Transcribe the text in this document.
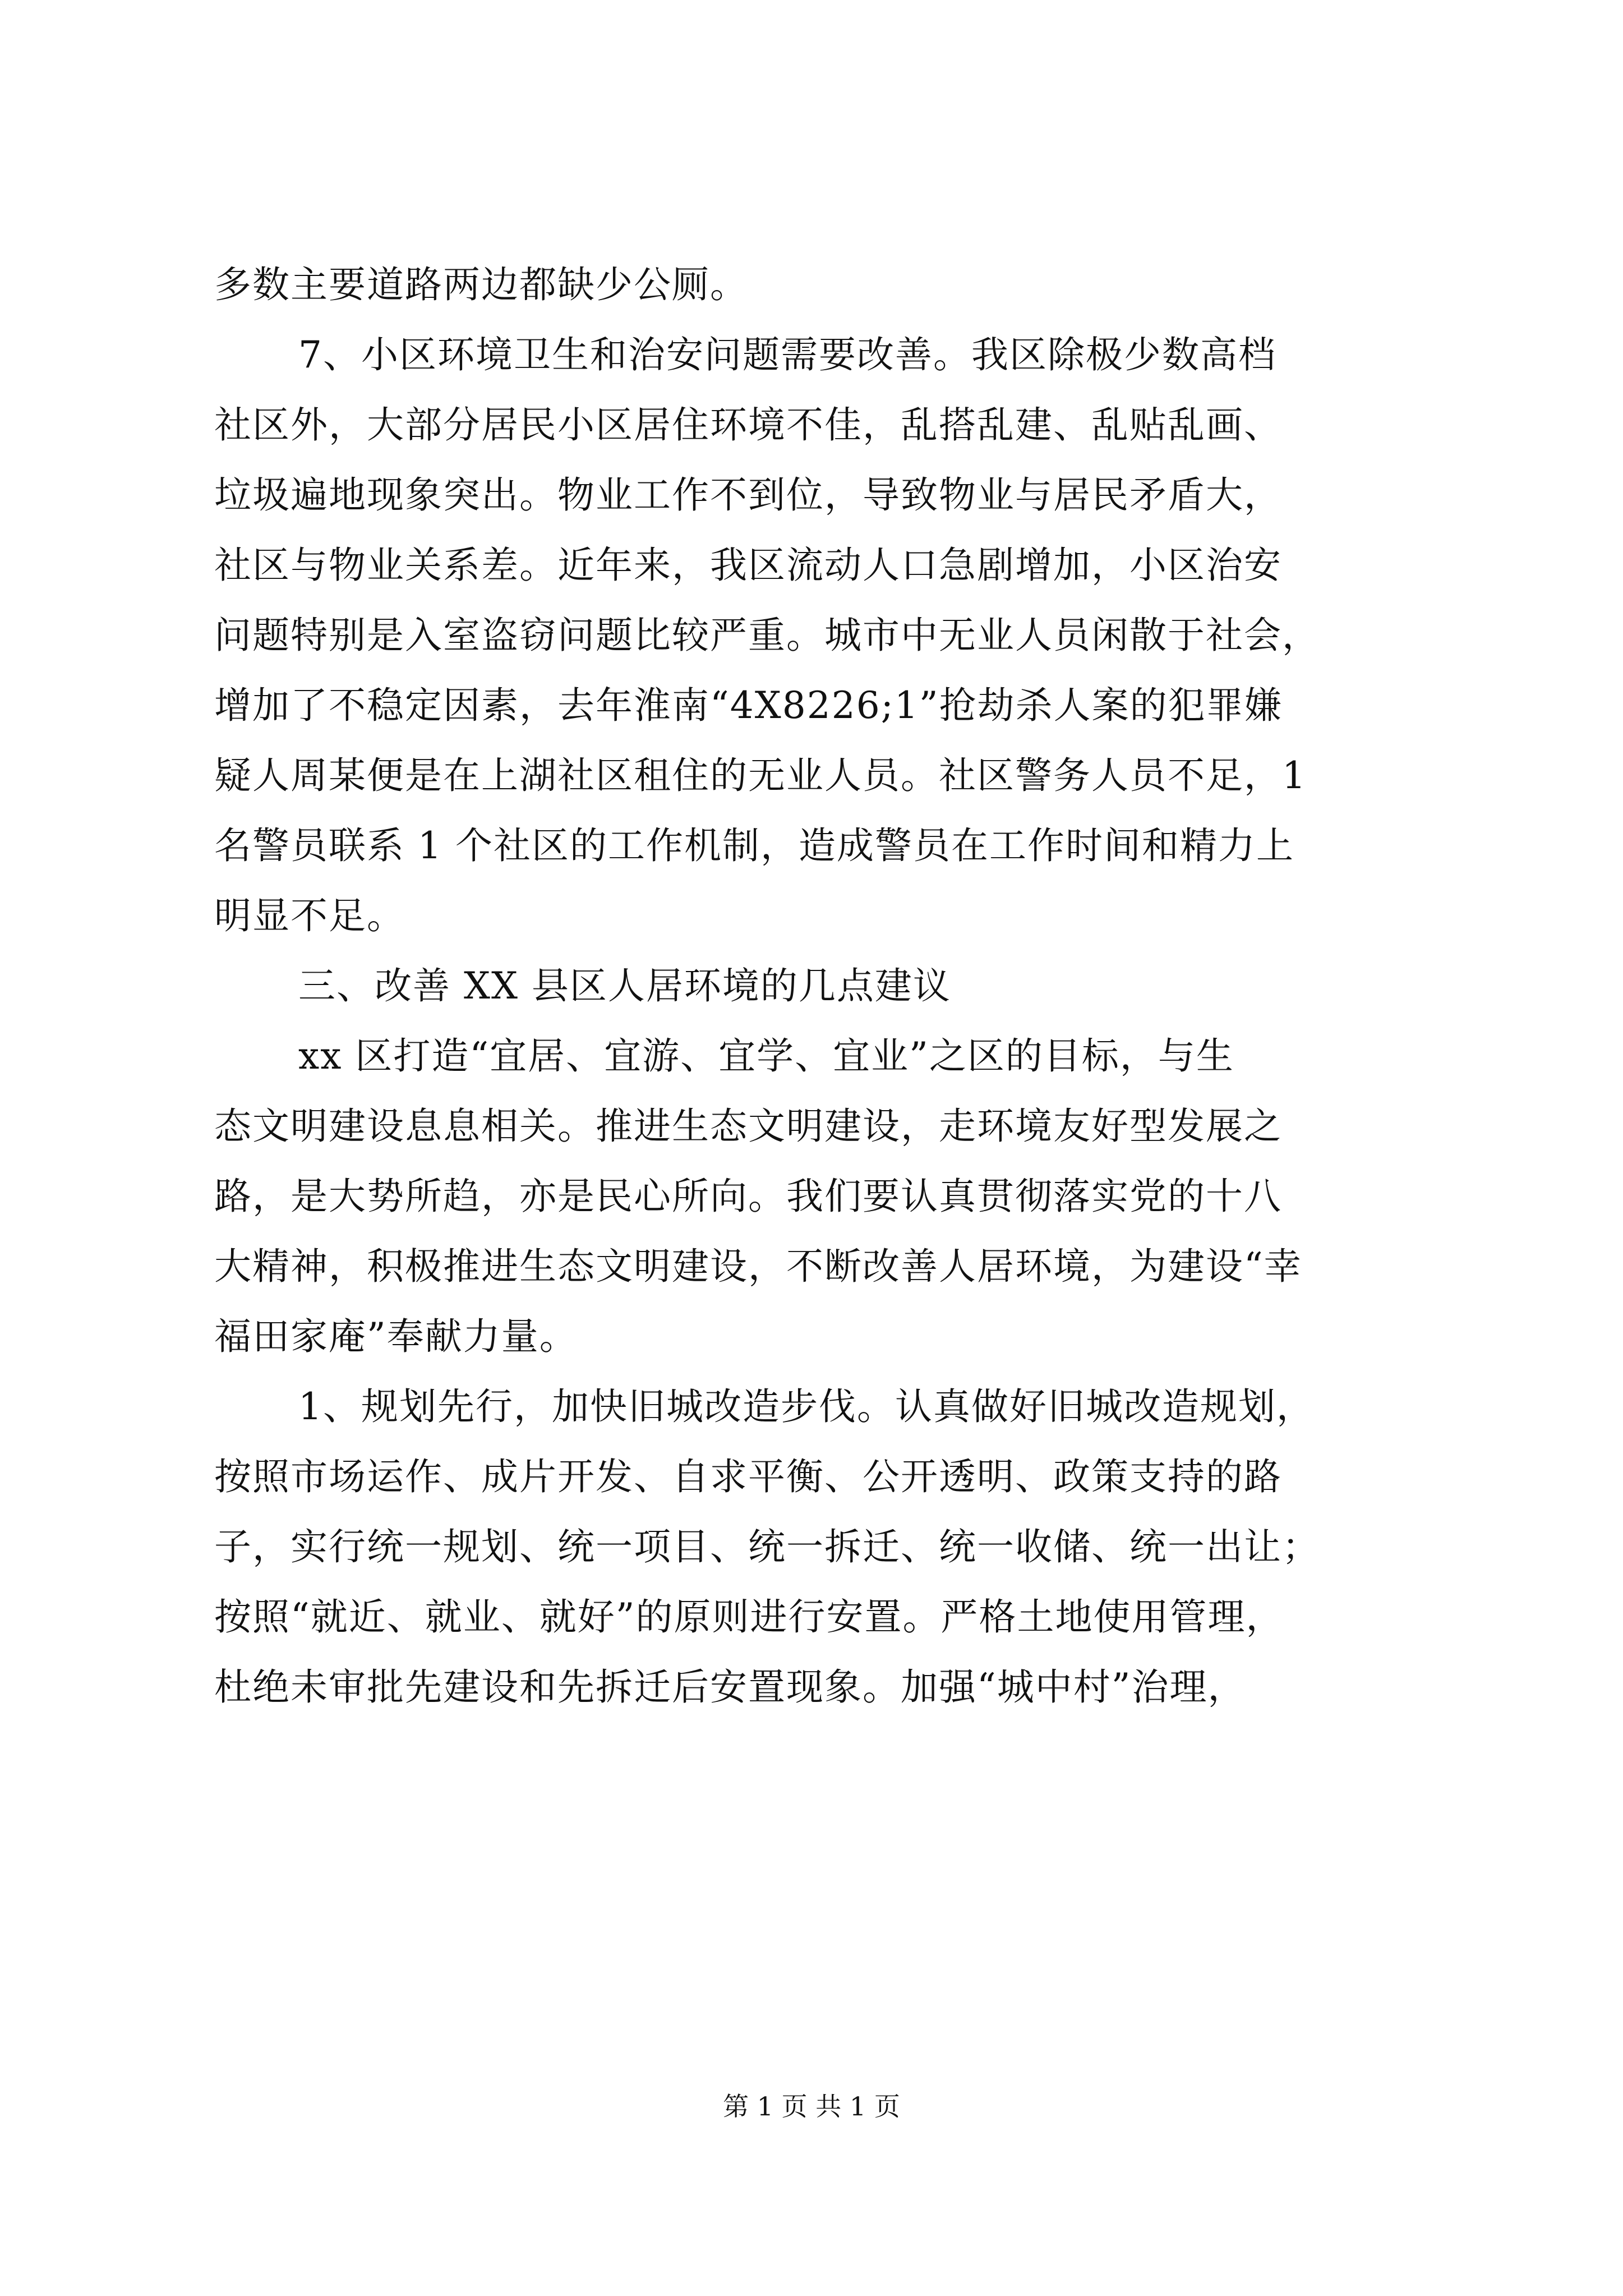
多数主要道路两边都缺少公厕。
7、小区环境卫生和治安问题需要改善。我区除极少数高档
社区外，大部分居民小区居住环境不佳，乱搭乱建、乱贴乱画、
垃圾遍地现象突出。物业工作不到位，导致物业与居民矛盾大，
社区与物业关系差。近年来，我区流动人口急剧增加，小区治安
问题特别是入室盗窃问题比较严重。城市中无业人员闲散于社会，
增加了不稳定因素，去年淮南“4X8226;1”抢劫杀人案的犯罪嫌
疑人周某便是在上湖社区租住的无业人员。社区警务人员不足，1
名警员联系 1 个社区的工作机制，造成警员在工作时间和精力上
明显不足。
三、改善 XX 县区人居环境的几点建议
xx 区打造“宜居、宜游、宜学、宜业”之区的目标，与生
态文明建设息息相关。推进生态文明建设，走环境友好型发展之
路，是大势所趋，亦是民心所向。我们要认真贯彻落实党的十八
大精神，积极推进生态文明建设，不断改善人居环境，为建设“幸
福田家庵”奉献力量。
1、规划先行，加快旧城改造步伐。认真做好旧城改造规划，
按照市场运作、成片开发、自求平衡、公开透明、政策支持的路
子，实行统一规划、统一项目、统一拆迁、统一收储、统一出让；
按照“就近、就业、就好”的原则进行安置。严格土地使用管理，
杜绝未审批先建设和先拆迁后安置现象。加强“城中村”治理，
第 1 页 共 1 页
